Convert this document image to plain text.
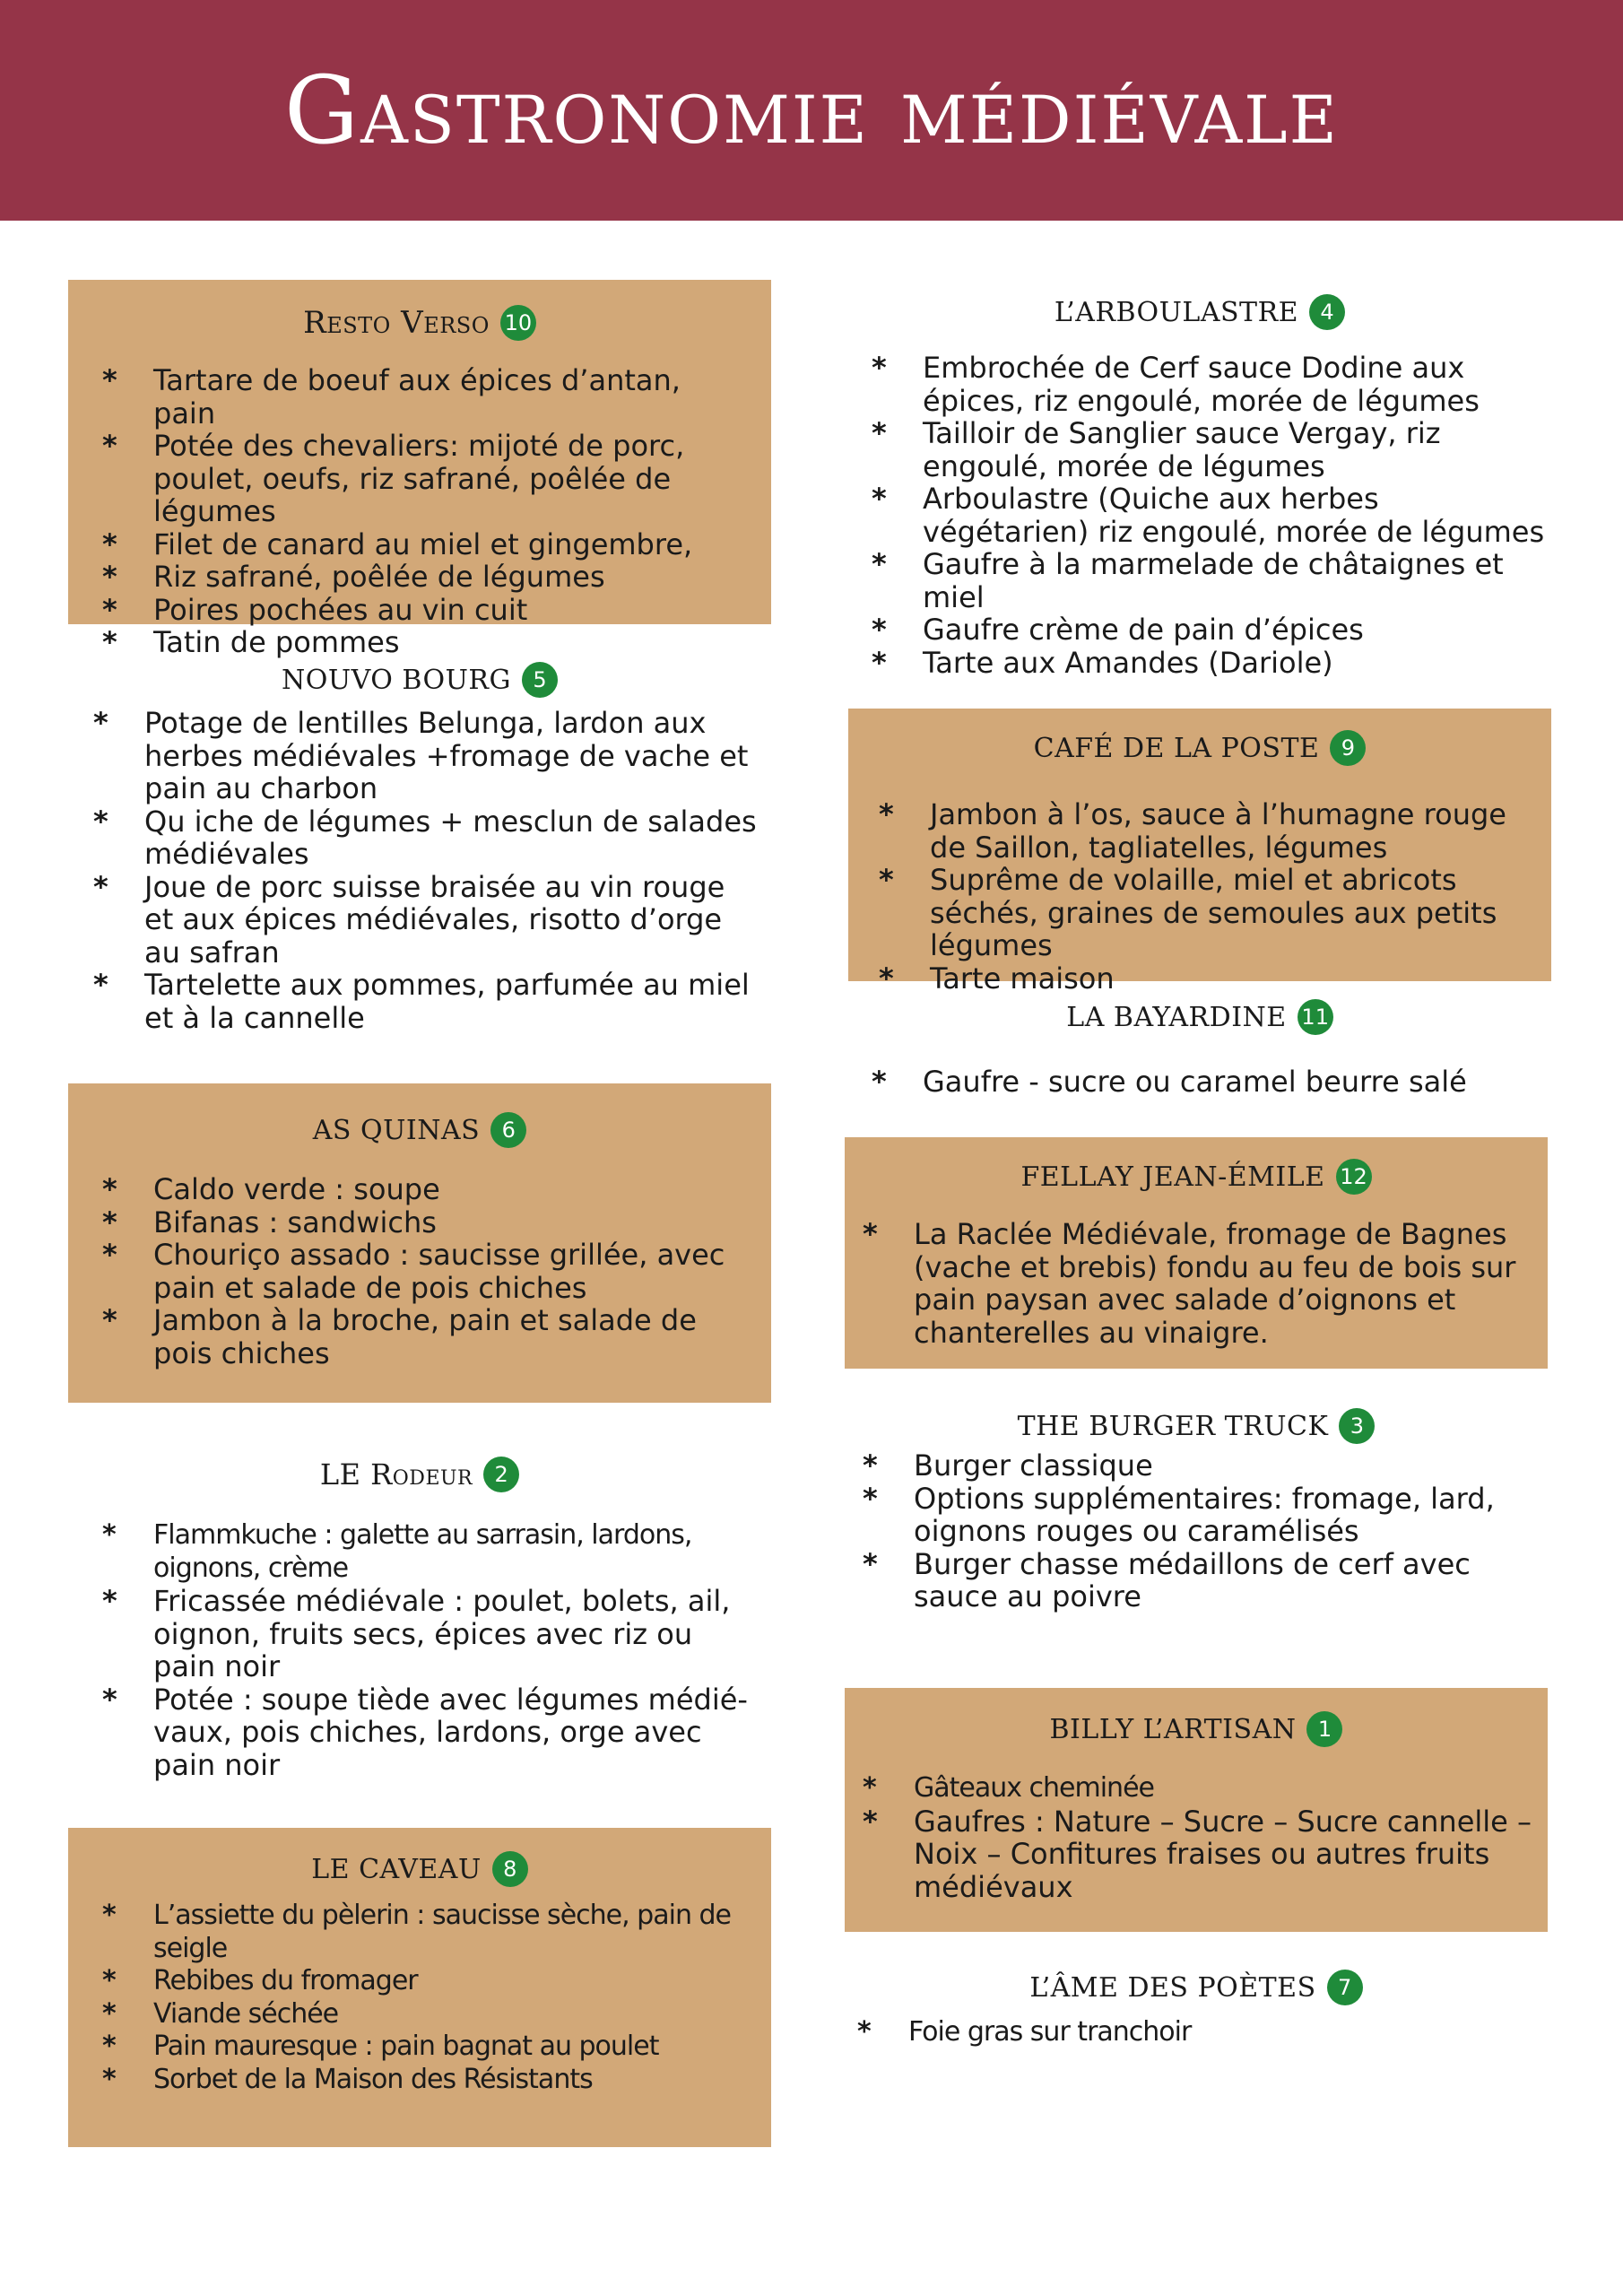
Gastronomie médiévale
Resto Verso 10
* Tartare de boeuf aux épices d’antan, pain
* Potée des chevaliers: mijoté de porc, poulet, oeufs, riz safrané, poêlée de légumes
* Filet de canard au miel et gingembre,
* Riz safrané, poêlée de légumes
* Poires pochées au vin cuit
* Tatin de pommes
NOUVO BOURG	5
* Potage de lentilles Belunga, lardon aux herbes médiévales +fromage de vache et pain au charbon
* Qu iche de légumes + mesclun de salades médiévales
* Joue de porc suisse braisée au vin rouge et aux épices médiévales, risotto d’orge au safran
* Tartelette aux pommes, parfumée au miel et à la cannelle
AS QUINAS	6
* Caldo verde : soupe
* Bifanas : sandwichs
* Chouriço assado : saucisse grillée, avec pain et salade de pois chiches
* Jambon à la broche, pain et salade de pois chiches
LE Rodeur	2
* Flammkuche : galette au sarrasin, lardons, oignons, crème
* Fricassée médiévale : poulet, bolets, ail, oignon, fruits secs, épices avec riz ou pain noir
* Potée : soupe tiède avec légumes médié-vaux, pois chiches, lardons, orge avec pain noir
LE CAVEAU	8
* L’assiette du pèlerin : saucisse sèche, pain de seigle
* Rebibes du fromager
* Viande séchée
* Pain mauresque : pain bagnat au poulet
* Sorbet de la Maison des Résistants
L’ARBOULASTRE	4
* Embrochée de Cerf sauce Dodine aux épices, riz engoulé, morée de légumes
* Tailloir de Sanglier sauce Vergay, riz engoulé, morée de légumes
* Arboulastre (Quiche aux herbes végétarien) riz engoulé, morée de légumes
* Gaufre à la marmelade de châtaignes et miel
* Gaufre crème de pain d’épices
* Tarte aux Amandes (Dariole)
CAFÉ DE LA POSTE	9
* Jambon à l’os, sauce à l’humagne rouge de Saillon, tagliatelles, légumes
* Suprême de volaille, miel et abricots séchés, graines de semoules aux petits légumes
* Tarte maison
LA BAYARDINE 11
* Gaufre - sucre ou caramel beurre salé
FELLAY JEAN-ÉMILE 12
* La Raclée Médiévale, fromage de Bagnes (vache et brebis) fondu au feu de bois sur pain paysan avec salade d’oignons et chanterelles au vinaigre.
THE BURGER TRUCK	3
* Burger classique
* Options supplémentaires: fromage, lard, oignons rouges ou caramélisés
* Burger chasse médaillons de cerf avec sauce au poivre
BILLY L’ARTISAN	1
* Gâteaux cheminée
* Gaufres : Nature – Sucre – Sucre cannelle – Noix – Confitures fraises ou autres fruits médiévaux
L’ÂME DES POÈTES	7
* Foie gras sur tranchoir
